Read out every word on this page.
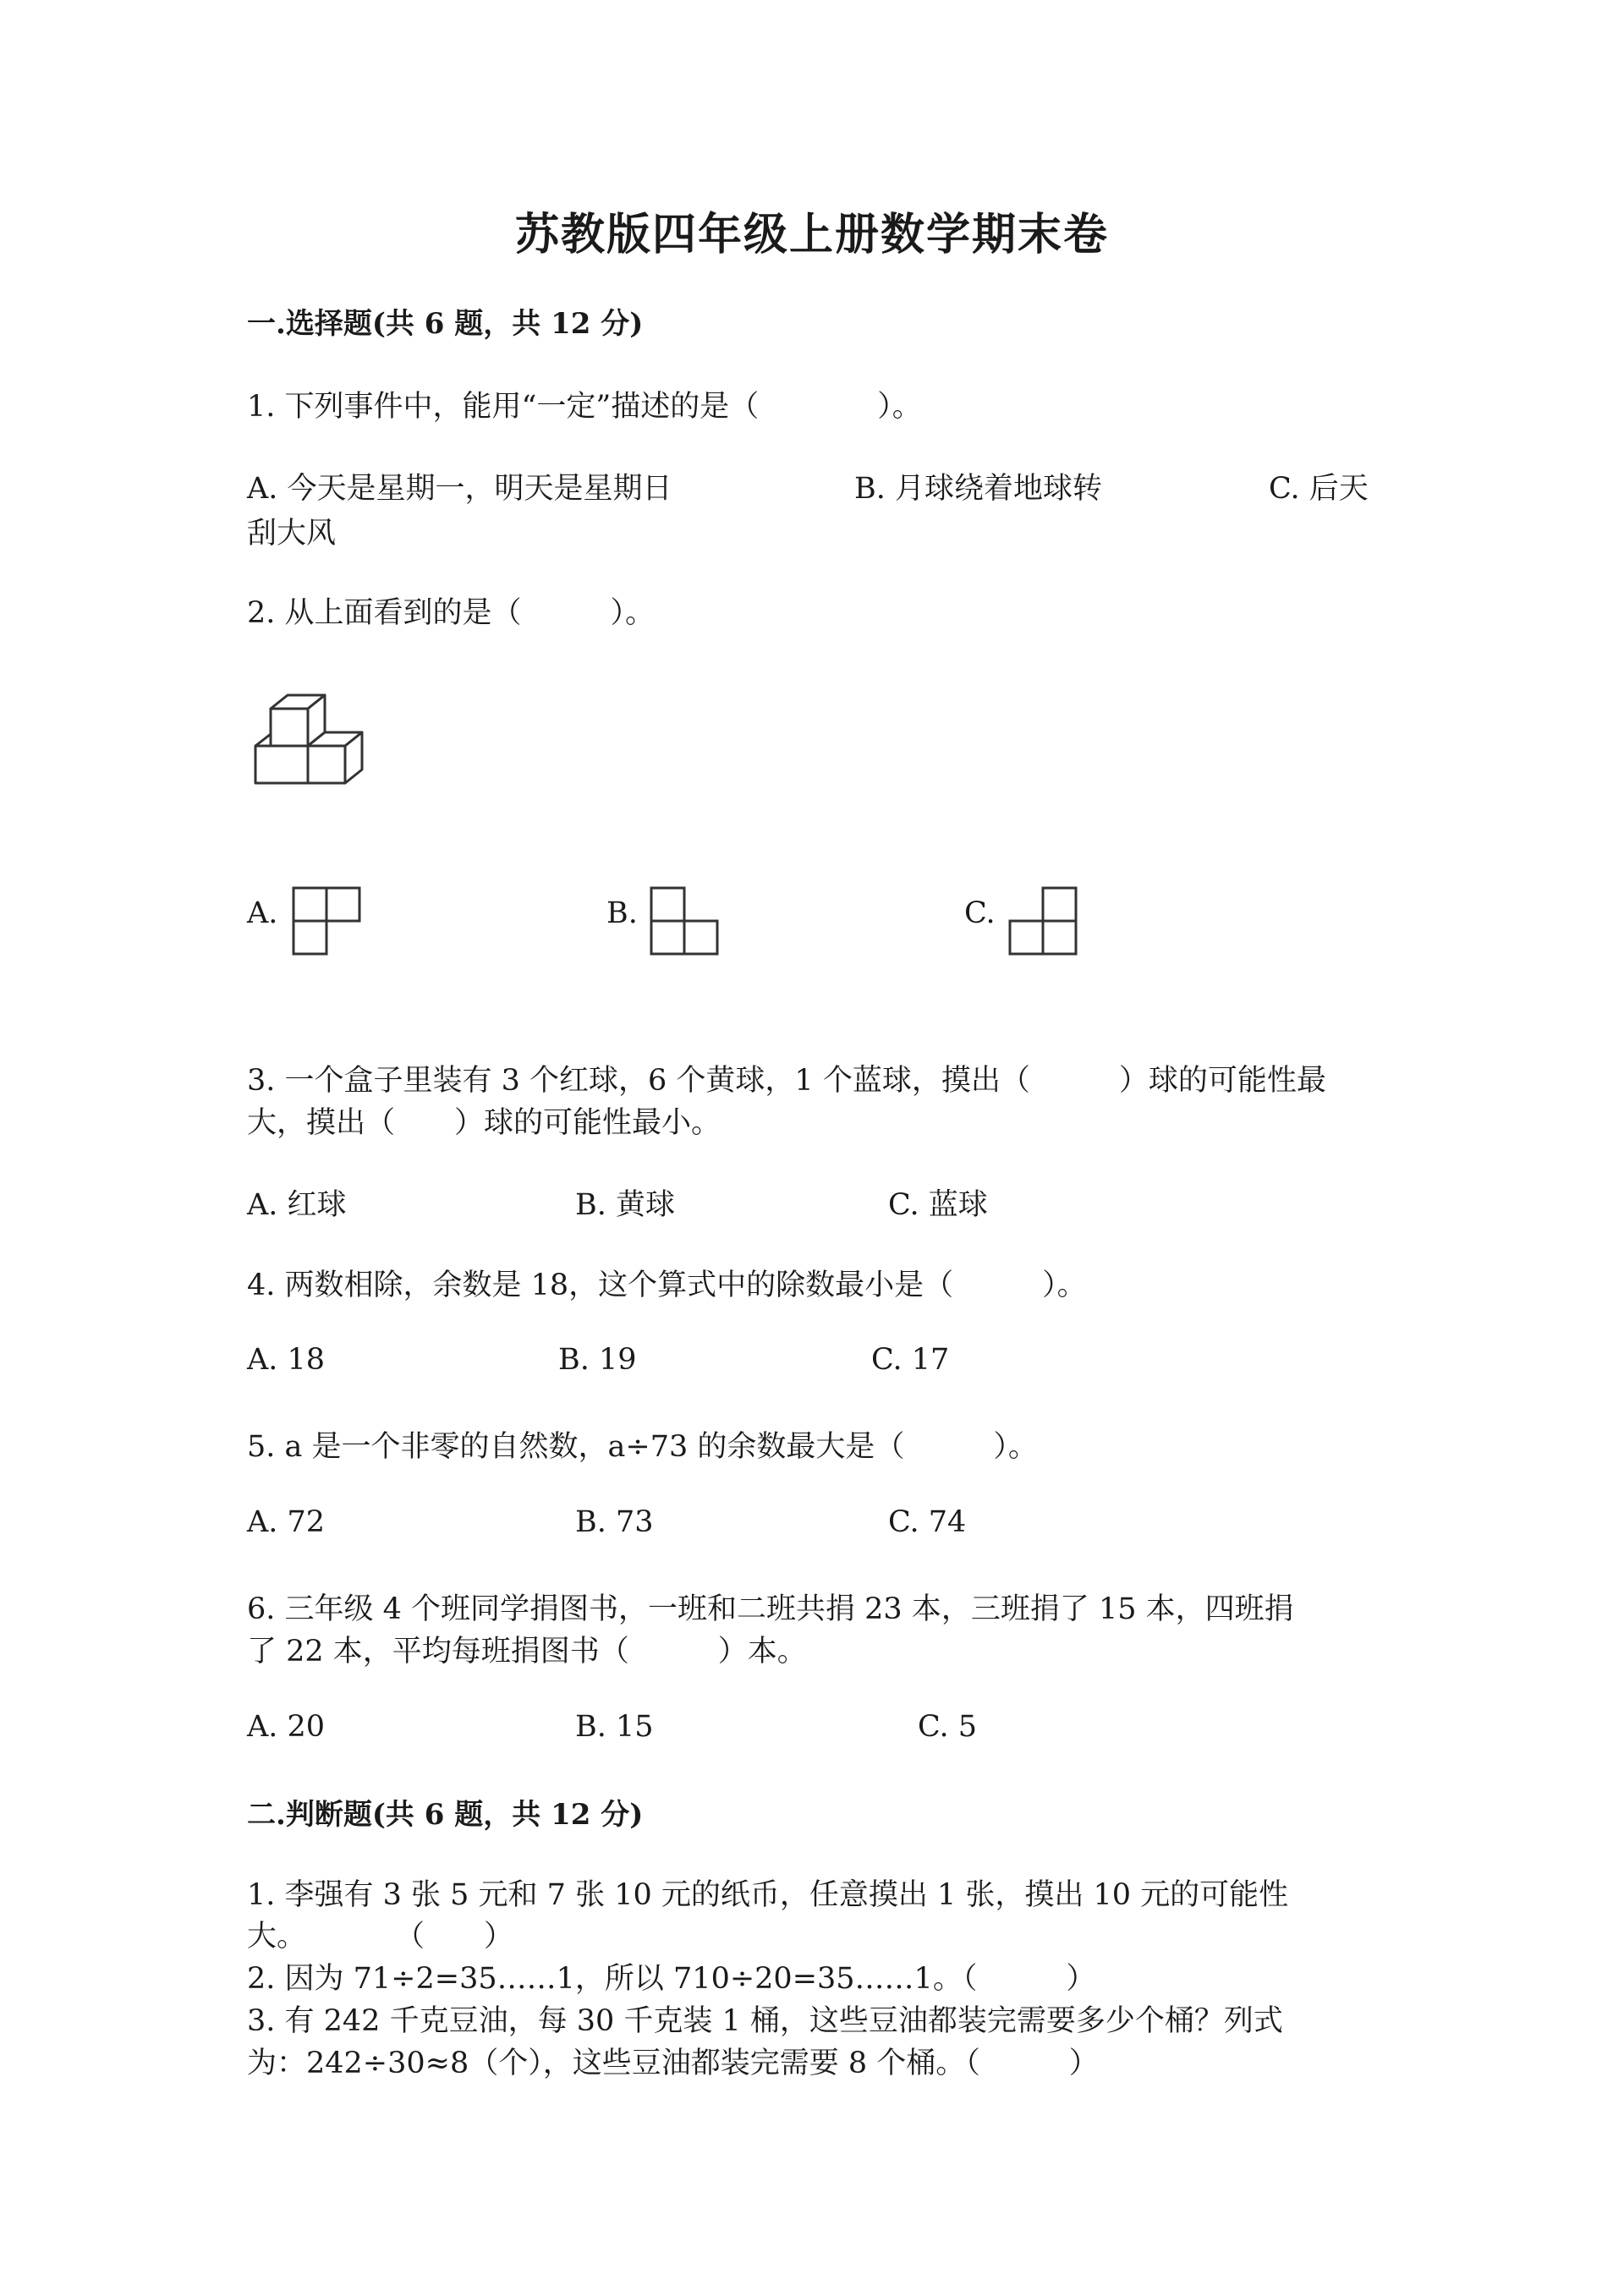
苏教版四年级上册数学期末卷
一.选择题(共 6 题，共 12 分)
1. 下列事件中，能用“一定”描述的是（　　　　）。
A. 今天是星期一，明天是星期日	B. 月球绕着地球转	C. 后天
刮大风
2. 从上面看到的是（　　　）。
A.	B.	C.
3. 一个盒子里装有 3 个红球，6 个黄球，1 个蓝球，摸出（　　　）球的可能性最
大，摸出（　　）球的可能性最小。
A. 红球	B. 黄球	C. 蓝球
4. 两数相除，余数是 18，这个算式中的除数最小是（　　　）。
A. 18	B. 19	C. 17
5. a 是一个非零的自然数，a÷73 的余数最大是（　　　）。
A. 72	B. 73	C. 74
6. 三年级 4 个班同学捐图书，一班和二班共捐 23 本，三班捐了 15 本，四班捐
了 22 本，平均每班捐图书（　　　）本。
A. 20	B. 15	C. 5
二.判断题(共 6 题，共 12 分)
1. 李强有 3 张 5 元和 7 张 10 元的纸币，任意摸出 1 张，摸出 10 元的可能性
大。　　　　（　　）
2. 因为 71÷2=35……1，所以 710÷20=35……1。（　　　）
3. 有 242 千克豆油，每 30 千克装 1 桶，这些豆油都装完需要多少个桶？列式
为：242÷30≈8（个），这些豆油都装完需要 8 个桶。（　　　）
